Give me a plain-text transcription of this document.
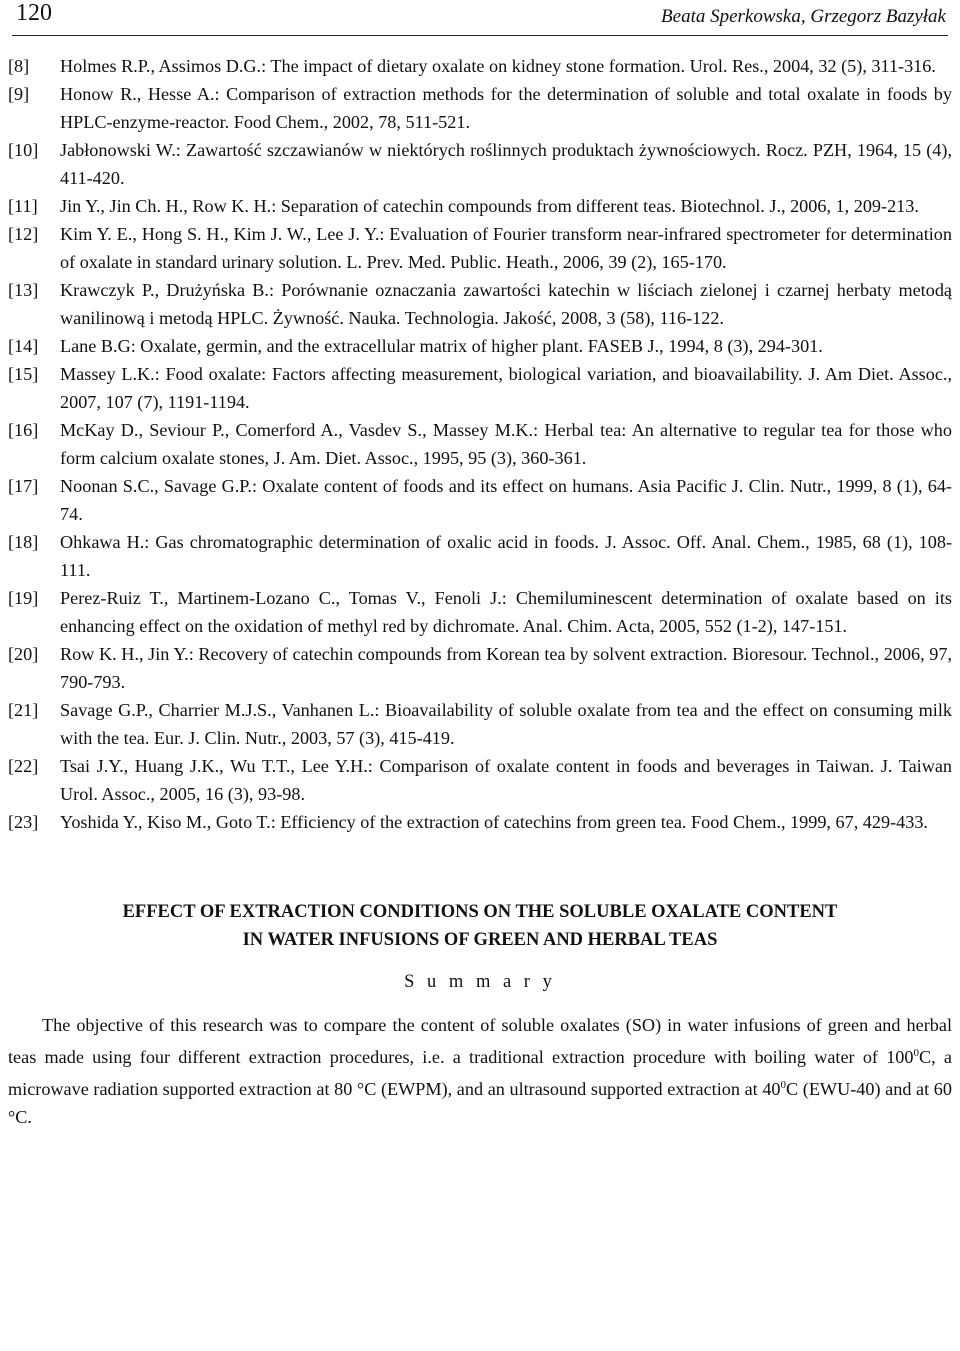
120	Beata Sperkowska, Grzegorz Bazyłak
[8]	Holmes R.P., Assimos D.G.: The impact of dietary oxalate on kidney stone formation. Urol. Res., 2004, 32 (5), 311-316.
[9]	Honow R., Hesse A.: Comparison of extraction methods for the determination of soluble and total oxalate in foods by HPLC-enzyme-reactor. Food Chem., 2002, 78, 511-521.
[10]	Jabłonowski W.: Zawartość szczawianów w niektórych roślinnych produktach żywnościowych. Rocz. PZH, 1964, 15 (4), 411-420.
[11]	Jin Y., Jin Ch. H., Row K. H.: Separation of catechin compounds from different teas. Biotechnol. J., 2006, 1, 209-213.
[12]	Kim Y. E., Hong S. H., Kim J. W., Lee J. Y.: Evaluation of Fourier transform near-infrared spectrometer for determination of oxalate in standard urinary solution. L. Prev. Med. Public. Heath., 2006, 39 (2), 165-170.
[13]	Krawczyk P., Drużyńska B.: Porównanie oznaczania zawartości katechin w liściach zielonej i czarnej herbaty metodą wanilinową i metodą HPLC. Żywność. Nauka. Technologia. Jakość, 2008, 3 (58), 116-122.
[14]	Lane B.G: Oxalate, germin, and the extracellular matrix of higher plant. FASEB J., 1994, 8 (3), 294-301.
[15]	Massey L.K.: Food oxalate: Factors affecting measurement, biological variation, and bioavailability. J. Am Diet. Assoc., 2007, 107 (7), 1191-1194.
[16]	McKay D., Seviour P., Comerford A., Vasdev S., Massey M.K.: Herbal tea: An alternative to regular tea for those who form calcium oxalate stones, J. Am. Diet. Assoc., 1995, 95 (3), 360-361.
[17]	Noonan S.C., Savage G.P.: Oxalate content of foods and its effect on humans. Asia Pacific J. Clin. Nutr., 1999, 8 (1), 64-74.
[18]	Ohkawa H.: Gas chromatographic determination of oxalic acid in foods. J. Assoc. Off. Anal. Chem., 1985, 68 (1), 108-111.
[19]	Perez-Ruiz T., Martinem-Lozano C., Tomas V., Fenoli J.: Chemiluminescent determination of oxalate based on its enhancing effect on the oxidation of methyl red by dichromate. Anal. Chim. Acta, 2005, 552 (1-2), 147-151.
[20]	Row K. H., Jin Y.: Recovery of catechin compounds from Korean tea by solvent extraction. Bioresour. Technol., 2006, 97, 790-793.
[21]	Savage G.P., Charrier M.J.S., Vanhanen L.: Bioavailability of soluble oxalate from tea and the effect on consuming milk with the tea. Eur. J. Clin. Nutr., 2003, 57 (3), 415-419.
[22]	Tsai J.Y., Huang J.K., Wu T.T., Lee Y.H.: Comparison of oxalate content in foods and beverages in Taiwan. J. Taiwan Urol. Assoc., 2005, 16 (3), 93-98.
[23]	Yoshida Y., Kiso M., Goto T.: Efficiency of the extraction of catechins from green tea. Food Chem., 1999, 67, 429-433.
EFFECT OF EXTRACTION CONDITIONS ON THE SOLUBLE OXALATE CONTENT
IN WATER INFUSIONS OF GREEN AND HERBAL TEAS
S u m m a r y

The objective of this research was to compare the content of soluble oxalates (SO) in water infusions of green and herbal teas made using four different extraction procedures, i.e. a traditional extraction procedure with boiling water of $100^0C$, a microwave radiation supported extraction at 80 °C (EWPM), and an ultrasound supported extraction at $40^0C$ (EWU-40) and at 60 °C.
